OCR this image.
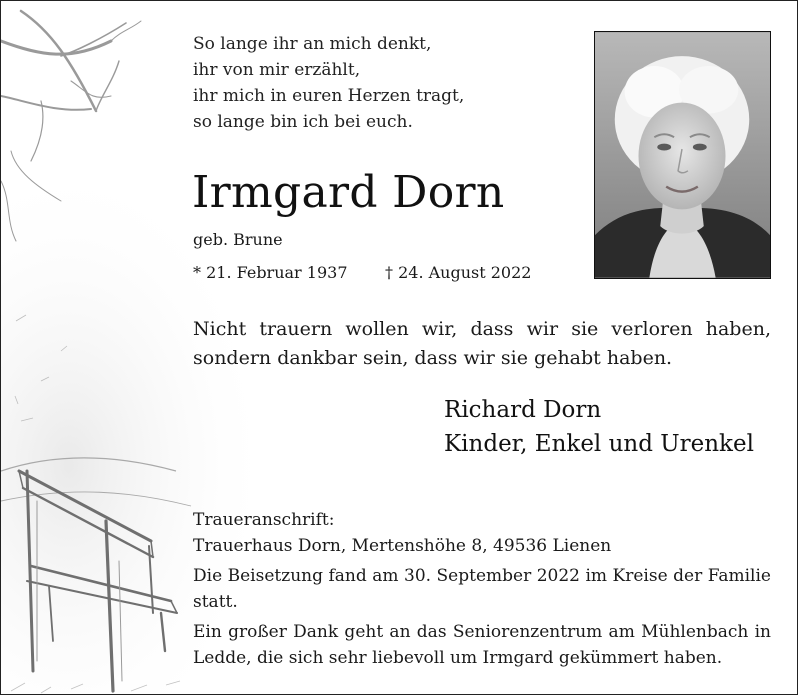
So lange ihr an mich denkt,
ihr von mir erzählt,
ihr mich in euren Herzen tragt,
so lange bin ich bei euch.
Irmgard Dorn
geb. Brune
* 21. Februar 1937 † 24. August 2022
Nicht trauern wollen wir, dass wir sie verloren haben, sondern dankbar sein, dass wir sie gehabt haben.
Richard Dorn
Kinder, Enkel und Urenkel
Traueranschrift:
Trauerhaus Dorn, Mertenshöhe 8, 49536 Lienen
Die Beisetzung fand am 30. September 2022 im Kreise der Familie statt.
Ein großer Dank geht an das Seniorenzentrum am Mühlenbach in Ledde, die sich sehr liebevoll um Irmgard gekümmert haben.
